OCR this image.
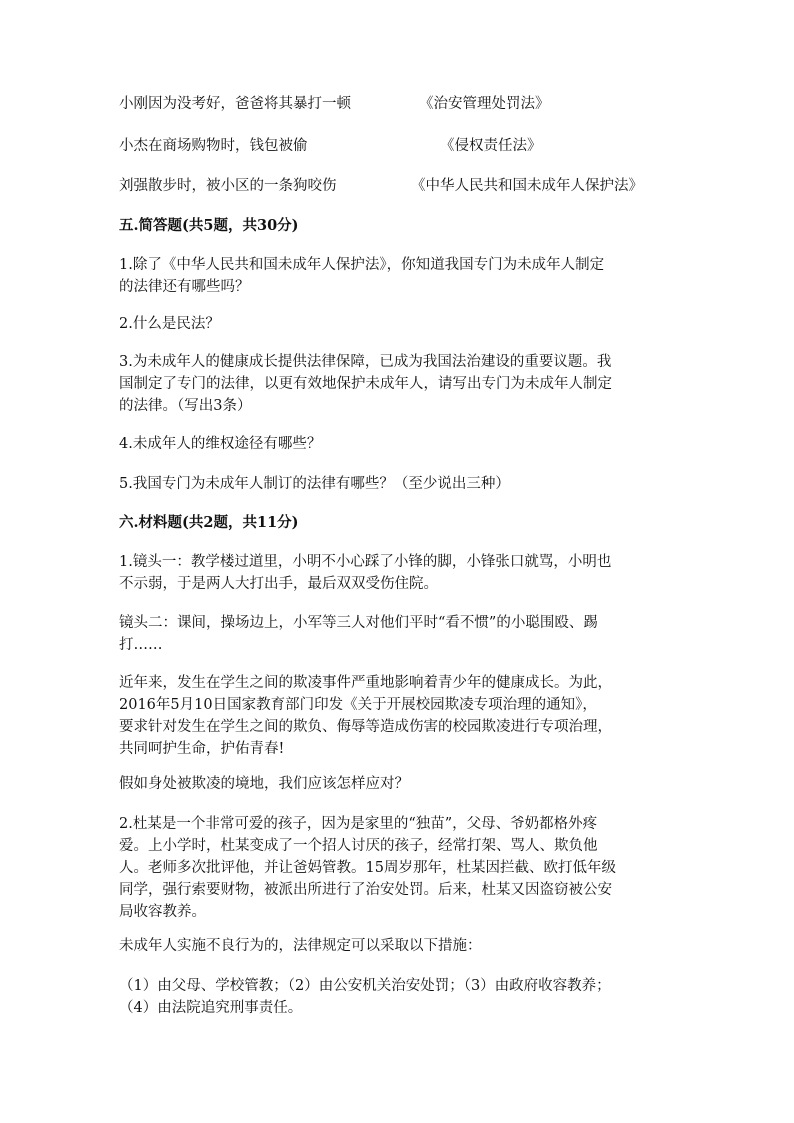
小刚因为没考好，爸爸将其暴打一顿	《治安管理处罚法》
小杰在商场购物时，钱包被偷	《侵权责任法》
刘强散步时，被小区的一条狗咬伤	《中华人民共和国未成年人保护法》
五.简答题(共5题，共30分)
1.除了《中华人民共和国未成年人保护法》，你知道我国专门为未成年人制定
的法律还有哪些吗？
2.什么是民法？
3.为未成年人的健康成长提供法律保障，已成为我国法治建设的重要议题。我
国制定了专门的法律，以更有效地保护未成年人，请写出专门为未成年人制定
的法律。（写出3条）
4.未成年人的维权途径有哪些？
5.我国专门为未成年人制订的法律有哪些？（至少说出三种）
六.材料题(共2题，共11分)
1.镜头一：教学楼过道里，小明不小心踩了小锋的脚，小锋张口就骂，小明也
不示弱，于是两人大打出手，最后双双受伤住院。
镜头二：课间，操场边上，小军等三人对他们平时“看不惯”的小聪围殴、踢
打……
近年来，发生在学生之间的欺凌事件严重地影响着青少年的健康成长。为此，
2016年5月10日国家教育部门印发《关于开展校园欺凌专项治理的通知》，
要求针对发生在学生之间的欺负、侮辱等造成伤害的校园欺凌进行专项治理，
共同呵护生命，护佑青春!
假如身处被欺凌的境地，我们应该怎样应对？
2.杜某是一个非常可爱的孩子，因为是家里的“独苗”，父母、爷奶都格外疼
爱。上小学时，杜某变成了一个招人讨厌的孩子，经常打架、骂人、欺负他
人。老师多次批评他，并让爸妈管教。15周岁那年，杜某因拦截、欧打低年级
同学，强行索要财物，被派出所进行了治安处罚。后来，杜某又因盗窃被公安
局收容教养。
未成年人实施不良行为的，法律规定可以采取以下措施：
（1）由父母、学校管教；（2）由公安机关治安处罚；（3）由政府收容教养；
（4）由法院追究刑事责任。
